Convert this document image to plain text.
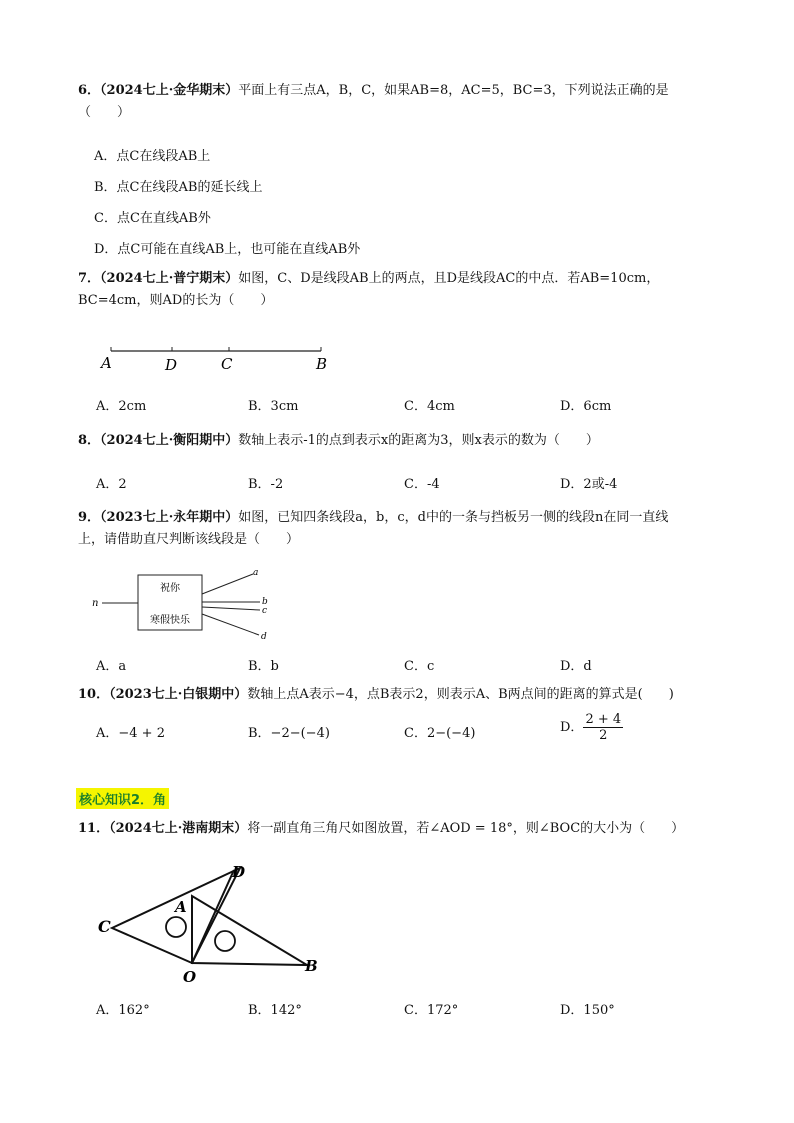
6．（2024七上·金华期末）平面上有三点A，B，C，如果AB=8，AC=5，BC=3，下列说法正确的是
（　　）
A．点C在线段AB上
B．点C在线段AB的延长线上
C．点C在直线AB外
D．点C可能在直线AB上，也可能在直线AB外
7．（2024七上·普宁期末）如图，C、D是线段AB上的两点，且D是线段AC的中点．若AB=10cm，
BC=4cm，则AD的长为（　　）
A	D	C	B
A．2cm	B．3cm	C．4cm	D．6cm
8．（2024七上·衡阳期中）数轴上表示-1的点到表示x的距离为3，则x表示的数为（　　）
A．2	B．-2	C．-4	D．2或-4
9．（2023七上·永年期中）如图，已知四条线段a，b，c，d中的一条与挡板另一侧的线段n在同一直线
上，请借助直尺判断该线段是（　　）
n
祝你
寒假快乐
a
b
c
d
A．a	B．b	C．c	D．d
10．（2023七上·白银期中）数轴上点A表示−4，点B表示2，则表示A、B两点间的距离的算式是(　　)
A．−4 + 2	B．−2−(−4)	C．2−(−4)	D． $\frac{2 + 4}{2}$
核心知识2．角
11．（2024七上·港南期末）将一副直角三角尺如图放置，若∠AOD = 18°，则∠BOC的大小为（　　）
C
A
D
O
B
A．162°	B．142°	C．172°	D．150°
